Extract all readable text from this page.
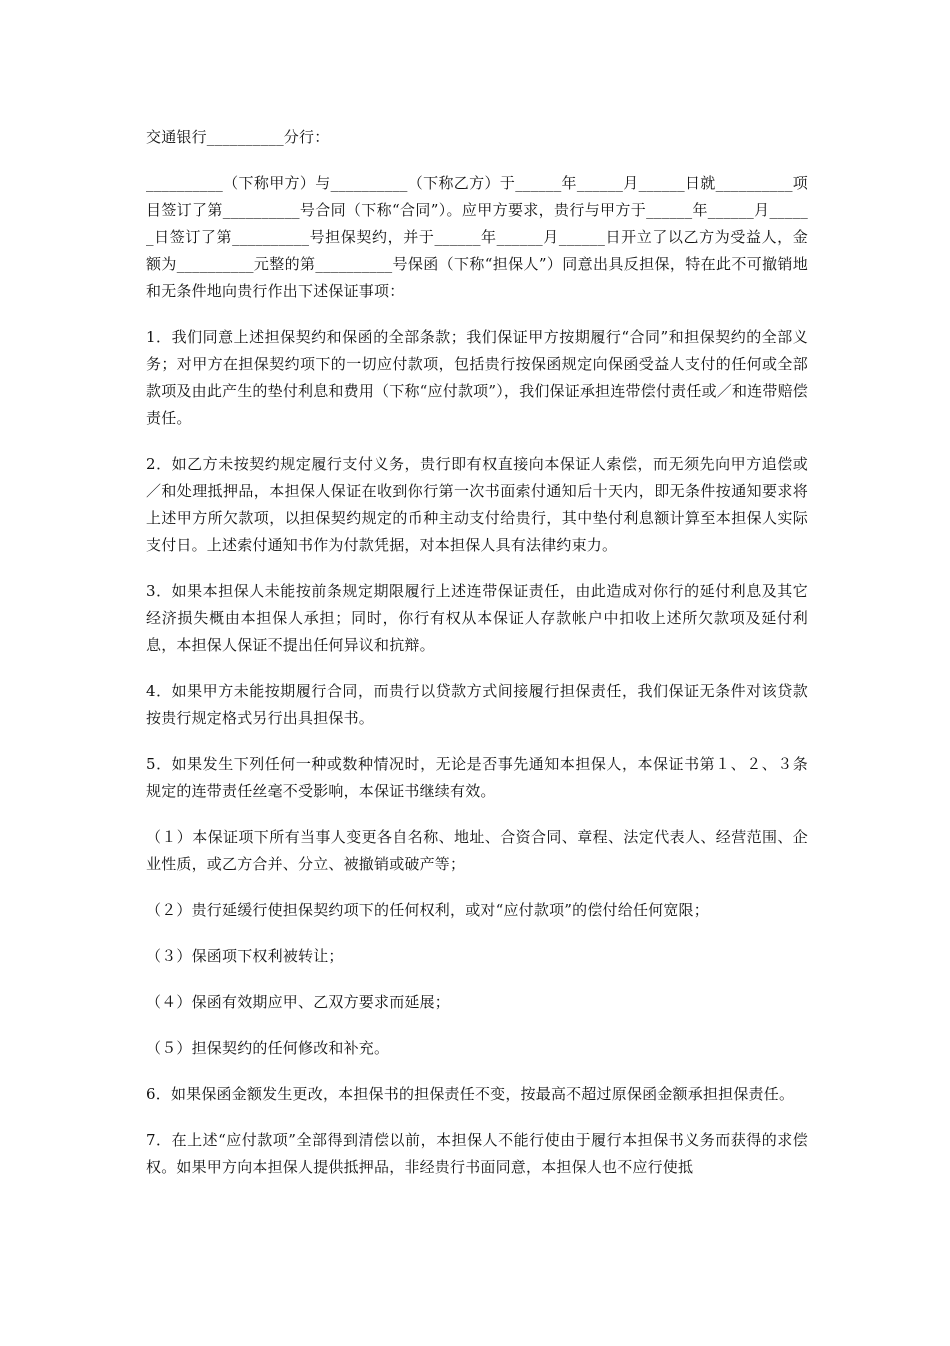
交通银行__________分行：

__________（下称甲方）与__________（下称乙方）于______年______月______日就__________项目签订了第__________号合同（下称“合同”）。应甲方要求，贵行与甲方于______年______月______日签订了第__________号担保契约，并于______年______月______日开立了以乙方为受益人，金额为__________元整的第__________号保函（下称“担保人”）同意出具反担保，特在此不可撤销地和无条件地向贵行作出下述保证事项：

1．我们同意上述担保契约和保函的全部条款；我们保证甲方按期履行“合同”和担保契约的全部义务；对甲方在担保契约项下的一切应付款项，包括贵行按保函规定向保函受益人支付的任何或全部款项及由此产生的垫付利息和费用（下称“应付款项”），我们保证承担连带偿付责任或／和连带赔偿责任。

2．如乙方未按契约规定履行支付义务，贵行即有权直接向本保证人索偿，而无须先向甲方追偿或／和处理抵押品，本担保人保证在收到你行第一次书面索付通知后十天内，即无条件按通知要求将上述甲方所欠款项，以担保契约规定的币种主动支付给贵行，其中垫付利息额计算至本担保人实际支付日。上述索付通知书作为付款凭据，对本担保人具有法律约束力。

3．如果本担保人未能按前条规定期限履行上述连带保证责任，由此造成对你行的延付利息及其它经济损失概由本担保人承担；同时，你行有权从本保证人存款帐户中扣收上述所欠款项及延付利息，本担保人保证不提出任何异议和抗辩。

4．如果甲方未能按期履行合同，而贵行以贷款方式间接履行担保责任，我们保证无条件对该贷款按贵行规定格式另行出具担保书。

5．如果发生下列任何一种或数种情况时，无论是否事先通知本担保人，本保证书第１、２、３条规定的连带责任丝毫不受影响，本保证书继续有效。

（１）本保证项下所有当事人变更各自名称、地址、合资合同、章程、法定代表人、经营范围、企业性质，或乙方合并、分立、被撤销或破产等；

（２）贵行延缓行使担保契约项下的任何权利，或对“应付款项”的偿付给任何宽限；

（３）保函项下权利被转让；

（４）保函有效期应甲、乙双方要求而延展；

（５）担保契约的任何修改和补充。

6．如果保函金额发生更改，本担保书的担保责任不变，按最高不超过原保函金额承担担保责任。

7．在上述“应付款项”全部得到清偿以前，本担保人不能行使由于履行本担保书义务而获得的求偿权。如果甲方向本担保人提供抵押品，非经贵行书面同意，本担保人也不应行使抵
